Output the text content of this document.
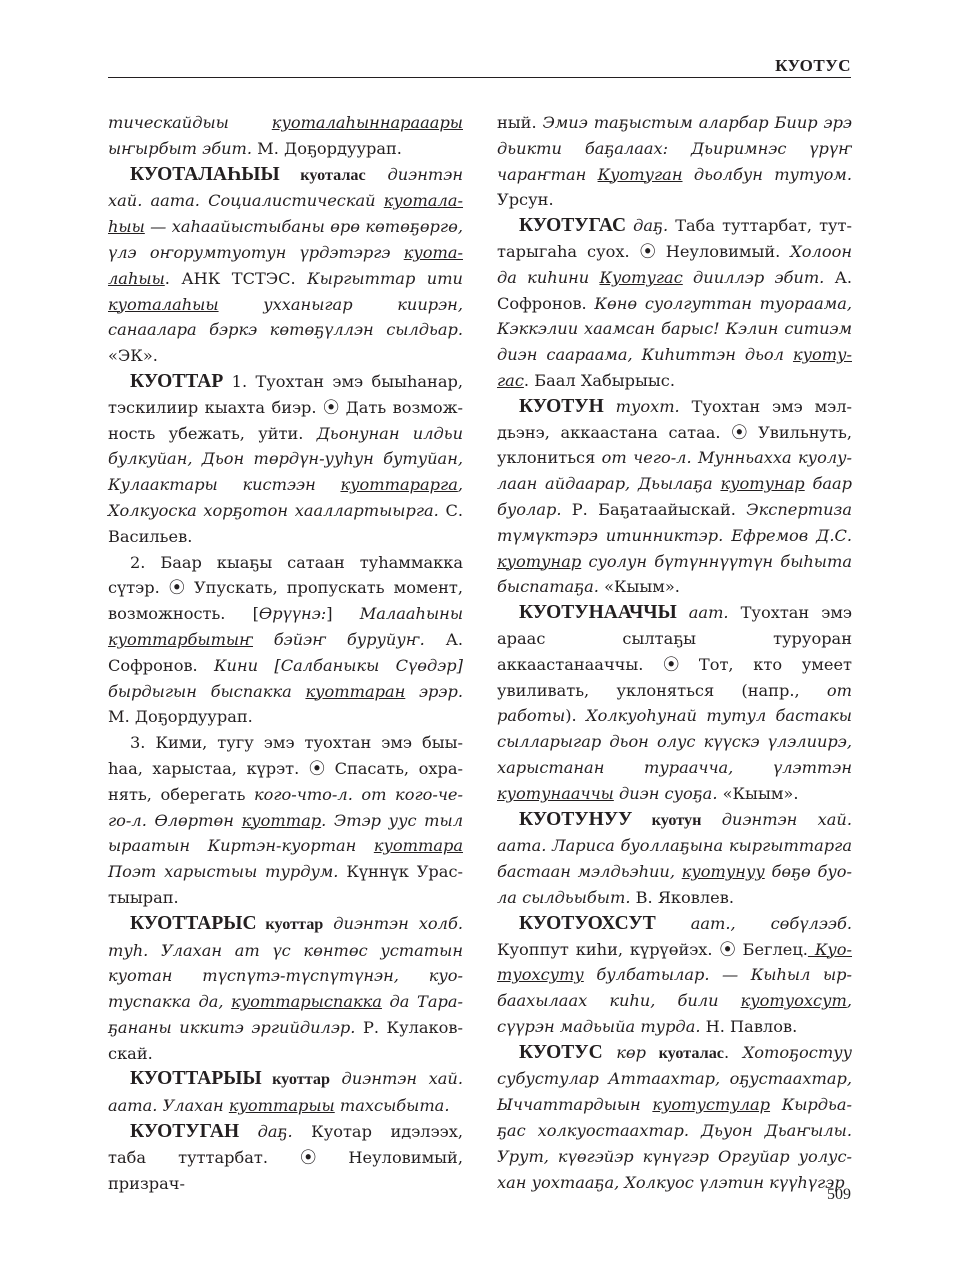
КУОТУС

тическайдыы куоталаһыннарааары ыҥырбыт эбит. М. Доҕордуурап.

КУОТАЛАҺЫЫ куоталас диэнтэн хай. аата. Социалистическай куоталаһыы — хаһаайыстыбаны өрө көтөҕөргө, үлэ оҥорумтуотун үрдэтэргэ куоталаһыы. АНК ТСТЭС. Кыргыттар ити куоталаһыы ухханыгар киирэн, санаалара бэркэ көтөҕүллэн сылдьар. «ЭК».

КУОТТАР 1. Туохтан эмэ быыһанар, тэскилиир кыахта биэр. ⦿ Дать возможность убежать, уйти. Дьонунан илдьи булкуйан, Дьон төрдүн-ууһун бутуйан, Кулаактары кистээн куоттарарга, Холкуоска хорҕотон хааллартыырга. С. Васильев.

2. Баар кыаҕы сатаан туһаммакка сүтэр. ⦿ Упускать, пропускать момент, возможность. [Өрүүнэ:] Малааһыны куоттарбытыҥ бэйэҥ буруйуҥ. А. Софронов. Кини [Салбаныкы Сүөдэр] бырдыгын быспакка куоттаран эрэр. М. Доҕордуурап.

3. Кими, тугу эмэ туохтан эмэ быыһаа, харыстаа, күрэт. ⦿ Спасать, охранять, оберегать кого-что-л. от кого-чего-л. Өлөртөн куоттар. Этэр уус тыл ыраатын Киртэн-куортан куоттара Поэт харыстыы турдум. Күннүк Урастыырап.

КУОТТАРЫС куоттар диэнтэн холб. туһ. Улахан ат үс көнтөс устатын куотан түспүтэ-түспүтүнэн, куотуспакка да, куоттарыспакка да Тараҕананы иккитэ эргийдилэр. Р. Кулаковскай.

КУОТТАРЫЫ куоттар диэнтэн хай. аата. Улахан куоттарыы тахсыбыта.

КУОТУГАН даҕ. Куотар идэлээх, таба туттарбат. ⦿ Неуловимый, призрач-

ный. Эмиэ таҕыстым аларбар Биир эрэ дьикти баҕалаах: Дьиримнэс үрүҥ чараҥтан Куотуган дьолбун тутуом. Урсун.

КУОТУГАС даҕ. Таба туттарбат, туттарыгаһа суох. ⦿ Неуловимый. Холоон да киһини Куотугас дииллэр эбит. А. Софронов. Көнө суолгуттан туорaама, Кэккэлии хаамсан барыс! Кэлин ситиэм диэн саараама, Киһиттэн дьол куотугас. Баал Хабырыыс.

КУОТУН туохт. Туохтан эмэ мэлдьэнэ, аккаастана сатаа. ⦿ Увильнуть, уклониться от чего-л. Мунньахха куолулаан айдаарар, Дьылаҕа куотунар баар буолар. Р. Баҕатаайыскай. Экспертиза түмүктэрэ итинниктэр. Ефремов Д.С. куотунар суолун бүтүннүүтүн быһыта быспатаҕа. «Кыым».

КУОТУНААЧЧЫ аат. Туохтан эмэ араас сылтаҕы туруоран аккаастанааччы. ⦿ Тот, кто умеет увиливать, уклоняться (напр., от работы). Холкуоһунай тутул бастакы сылларыгар дьон олус күүскэ үлэлиирэ, харыстанан тураачча, үлэттэн куотунааччы диэн суоҕа. «Кыым».

КУОТУНУУ куотун диэнтэн хай. аата. Лариса буоллаҕына кыргыттарга бастаан мэлдьэһии, куотунуу бөҕө буола сылдьыбыт. В. Яковлев.

КУОТУОХСУТ аат., сөбүлээб. Куоппут киһи, күрүөйэх. ⦿ Беглец. Куотуохсуту булбатылар. — Кыһыл ырбаахылаах киһи, били куотуохсут, сүүрэн мадьыйа турда. Н. Павлов.

КУОТУС көр куоталас. Хотоҕостуу субустулар Аттаахтар, оҕустаахтар, Ыччаттардыын куотустулар Кырдьаҕас холкуостаахтар. Дьуон Дьаҥылы. Урут, күөгэйэр күнүгэр Оргуйар уолусхан уохтааҕа, Холкуос үлэтин күүһүгэр

509
